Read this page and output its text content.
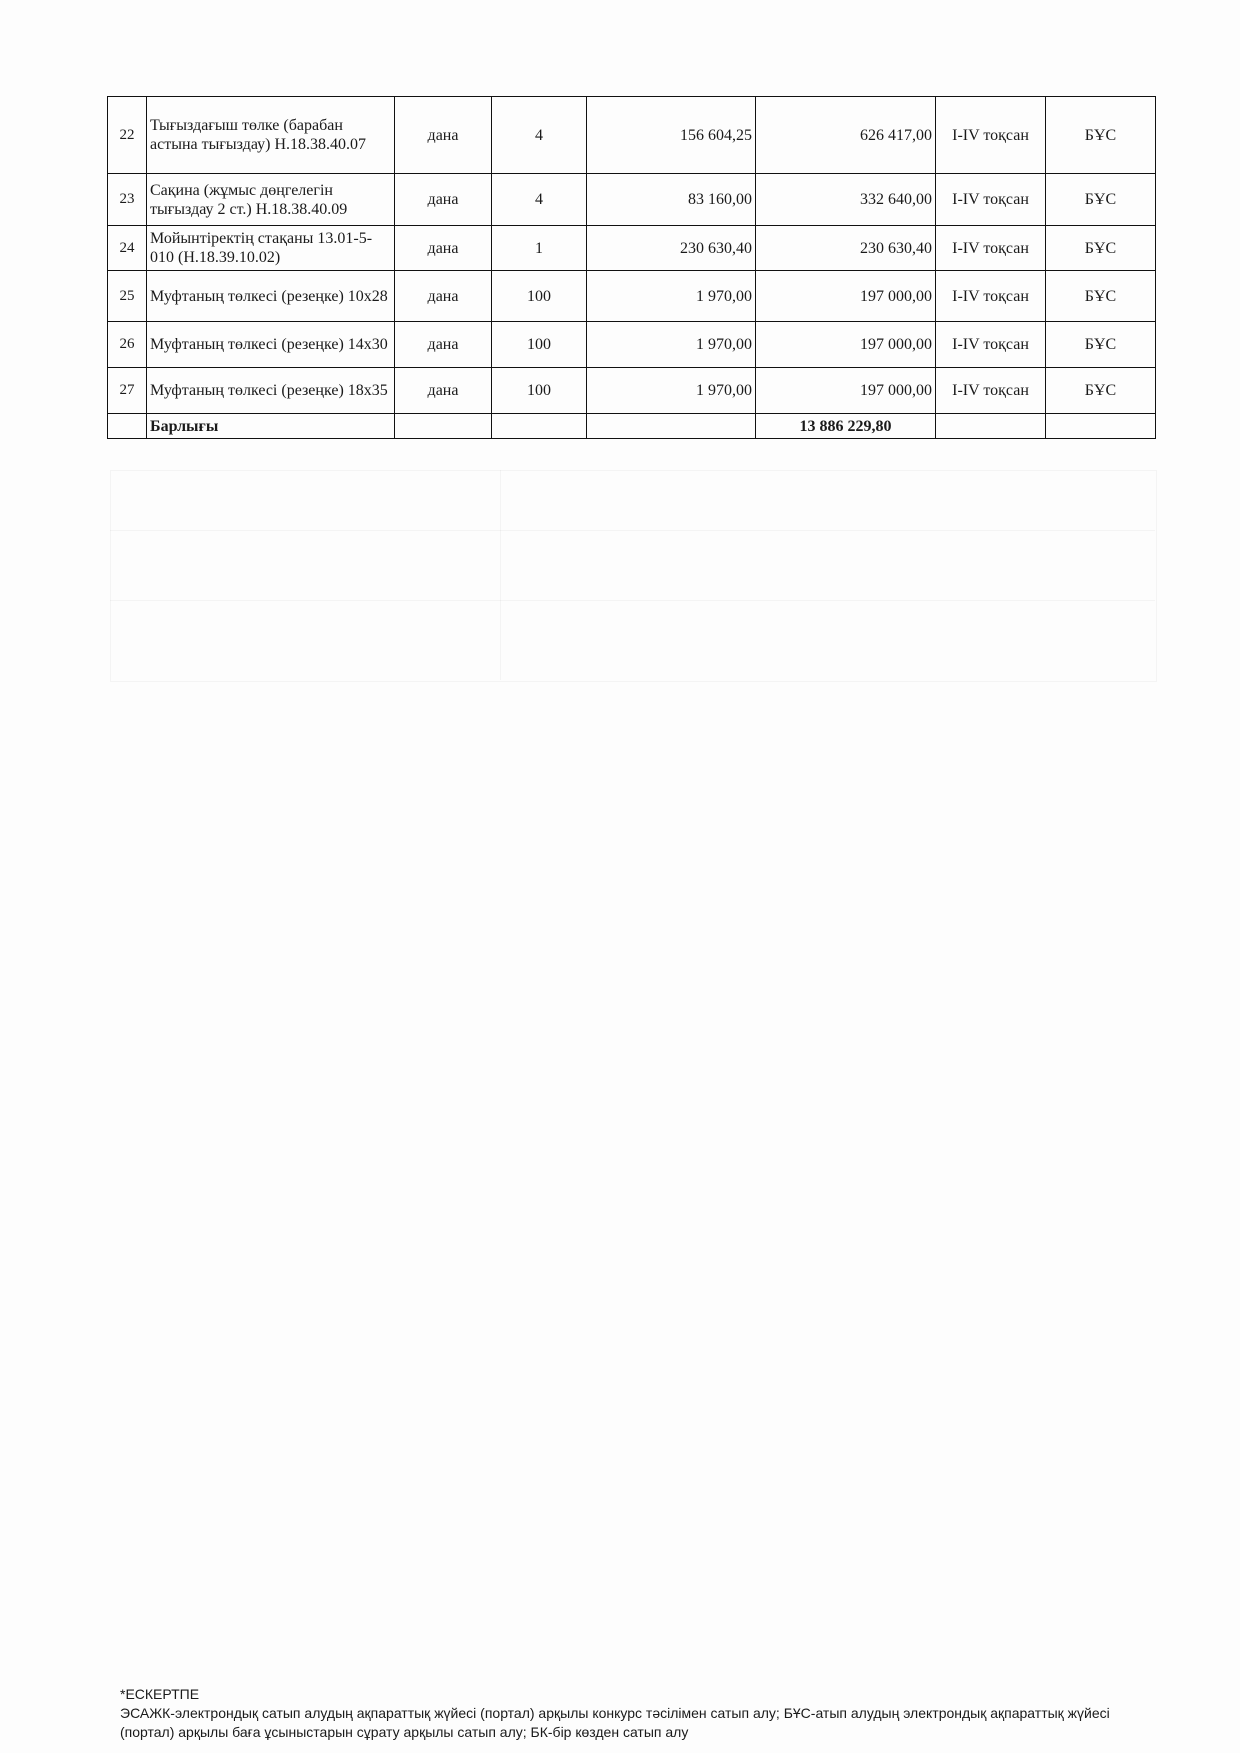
22	Тығыздағыш төлке (барабан астына тығыздау) Н.18.38.40.07	дана	4	156 604,25	626 417,00	I-IV тоқсан	БҰС
23	Сақина (жұмыс дөңгелегін тығыздау 2 ст.) Н.18.38.40.09	дана	4	83 160,00	332 640,00	I-IV тоқсан	БҰС
24	Мойынтіректің стақаны 13.01-5-010 (Н.18.39.10.02)	дана	1	230 630,40	230 630,40	I-IV тоқсан	БҰС
25	Муфтаның төлкесі (резеңке) 10х28	дана	100	1 970,00	197 000,00	I-IV тоқсан	БҰС
26	Муфтаның төлкесі (резеңке) 14х30	дана	100	1 970,00	197 000,00	I-IV тоқсан	БҰС
27	Муфтаның төлкесі (резеңке) 18х35	дана	100	1 970,00	197 000,00	I-IV тоқсан	БҰС
	Барлығы				13 886 229,80		
*ЕСКЕРТПЕ
ЭСАЖК-электрондық сатып алудың ақпараттық жүйесі (портал) арқылы конкурс тәсілімен сатып алу; БҰС-атып алудың электрондық ақпараттық жүйесі (портал) арқылы баға ұсыныстарын сұрату арқылы сатып алу; БК-бір көзден сатып алу
